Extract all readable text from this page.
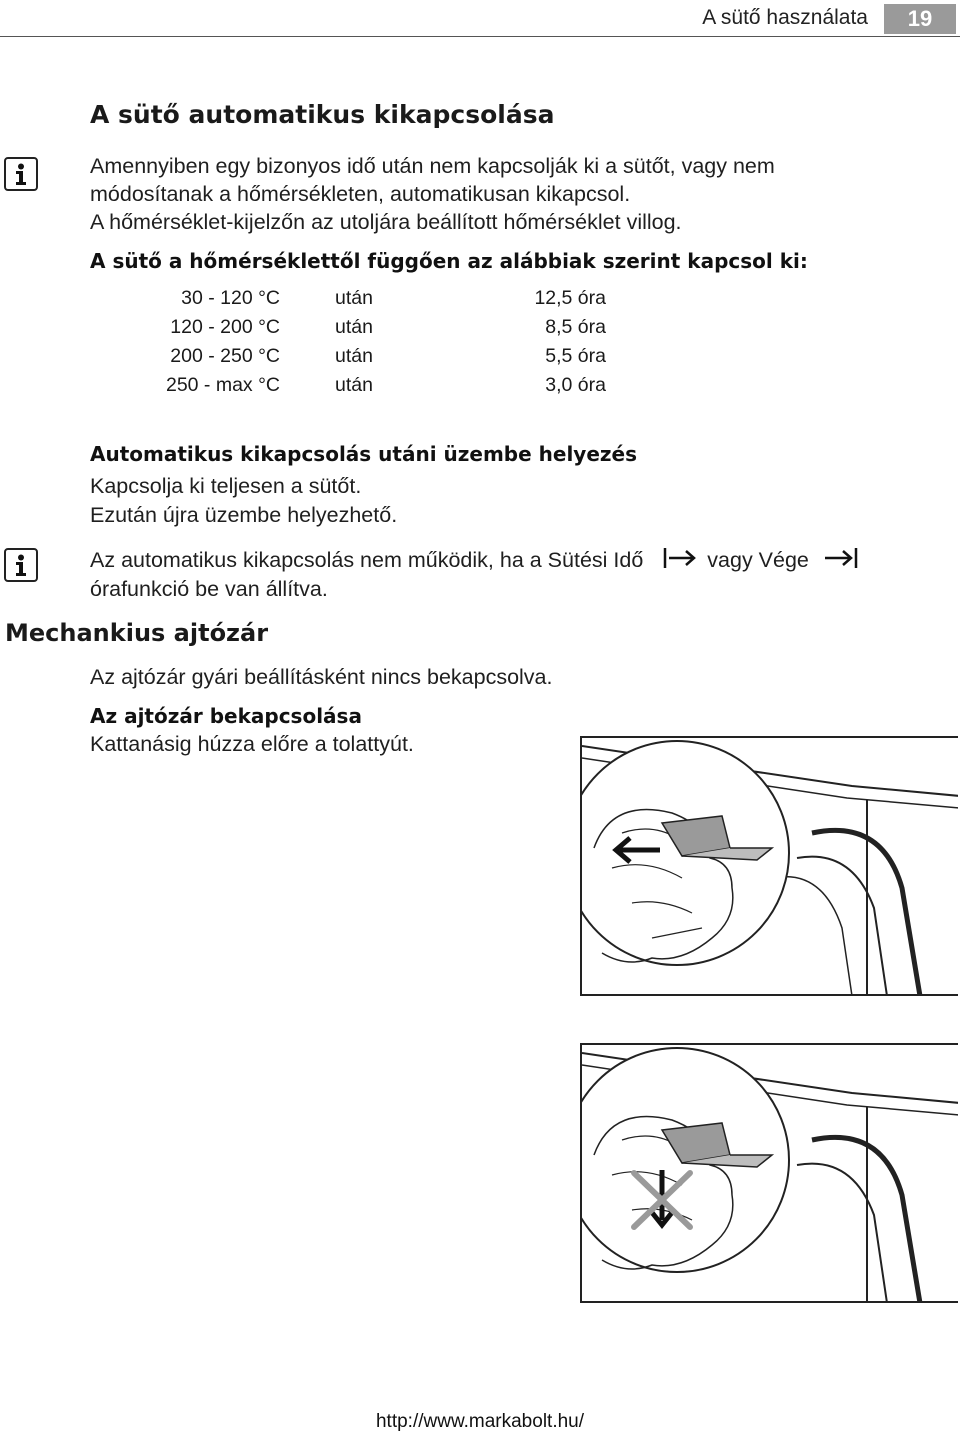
A sütő használata	19
A sütő automatikus kikapcsolása
Amennyiben egy bizonyos idő után nem kapcsolják ki a sütőt, vagy nem
módosítanak a hőmérsékleten, automatikusan kikapcsol.
A hőmérséklet-kijelzőn az utoljára beállított hőmérséklet villog.
A sütő a hőmérséklettől függően az alábbiak szerint kapcsol ki:
30 - 120 °C	után	12,5 óra
120 - 200 °C	után	8,5 óra
200 - 250 °C	után	5,5 óra
250 - max °C	után	3,0 óra
Automatikus kikapcsolás utáni üzembe helyezés
Kapcsolja ki teljesen a sütőt.
Ezután újra üzembe helyezhető.
Az automatikus kikapcsolás nem működik, ha a Sütési Idő	vagy Vége
órafunkció be van állítva.
Mechankius ajtózár
Az ajtózár gyári beállításként nincs bekapcsolva.
Az ajtózár bekapcsolása
Kattanásig húzza előre a tolattyút.
http://www.markabolt.hu/
